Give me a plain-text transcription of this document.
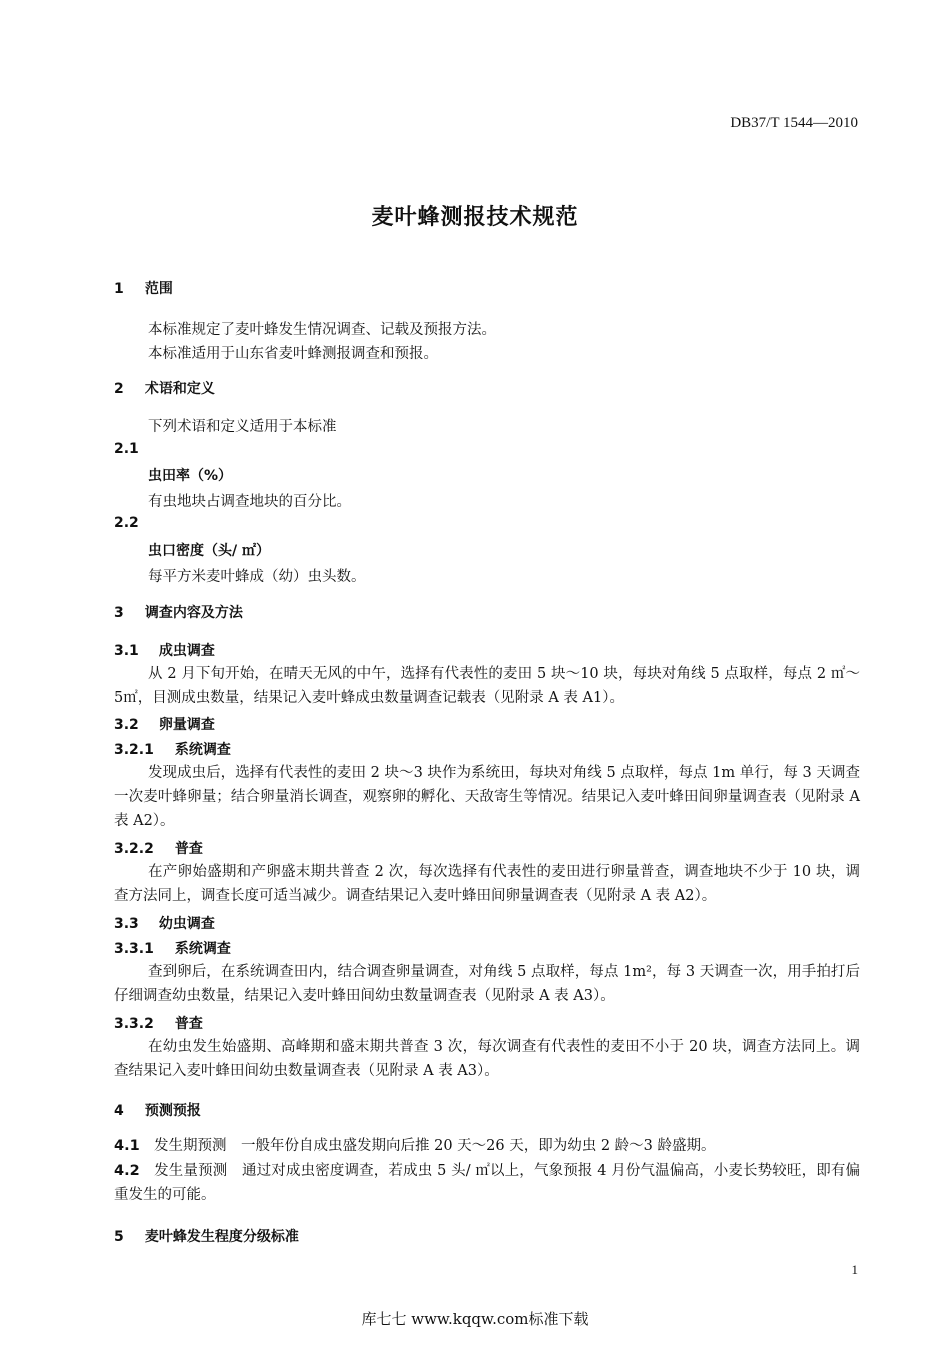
DB37/T 1544—2010
麦叶蜂测报技术规范
1 范围
本标准规定了麦叶蜂发生情况调查、记载及预报方法。
本标准适用于山东省麦叶蜂测报调查和预报。
2 术语和定义
下列术语和定义适用于本标准
2.1
虫田率（%）
有虫地块占调查地块的百分比。
2.2
虫口密度（头/ ㎡）
每平方米麦叶蜂成（幼）虫头数。
3 调查内容及方法
3.1 成虫调查
从 2 月下旬开始，在晴天无风的中午，选择有代表性的麦田 5 块～10 块，每块对角线 5 点取样，每点 2 ㎡～5㎡，目测成虫数量，结果记入麦叶蜂成虫数量调查记载表（见附录 A 表 A1）。
3.2 卵量调查
3.2.1 系统调查
发现成虫后，选择有代表性的麦田 2 块～3 块作为系统田，每块对角线 5 点取样，每点 1m 单行，每 3 天调查一次麦叶蜂卵量；结合卵量消长调查，观察卵的孵化、天敌寄生等情况。结果记入麦叶蜂田间卵量调查表（见附录 A 表 A2）。
3.2.2 普查
在产卵始盛期和产卵盛末期共普查 2 次，每次选择有代表性的麦田进行卵量普查，调查地块不少于 10 块，调查方法同上，调查长度可适当减少。调查结果记入麦叶蜂田间卵量调查表（见附录 A 表 A2）。
3.3 幼虫调查
3.3.1 系统调查
查到卵后，在系统调查田内，结合调查卵量调查，对角线 5 点取样，每点 1m²，每 3 天调查一次，用手拍打后仔细调查幼虫数量，结果记入麦叶蜂田间幼虫数量调查表（见附录 A 表 A3）。
3.3.2 普查
在幼虫发生始盛期、高峰期和盛末期共普查 3 次，每次调查有代表性的麦田不小于 20 块，调查方法同上。调查结果记入麦叶蜂田间幼虫数量调查表（见附录 A 表 A3）。
4 预测预报
4.1 发生期预测　 一般年份自成虫盛发期向后推 20 天～26 天，即为幼虫 2 龄～3 龄盛期。
4.2 发生量预测　 通过对成虫密度调查，若成虫 5 头/ ㎡以上，气象预报 4 月份气温偏高，小麦长势较旺，即有偏重发生的可能。
5 麦叶蜂发生程度分级标准
1
库七七 www.kqqw.com标准下载
